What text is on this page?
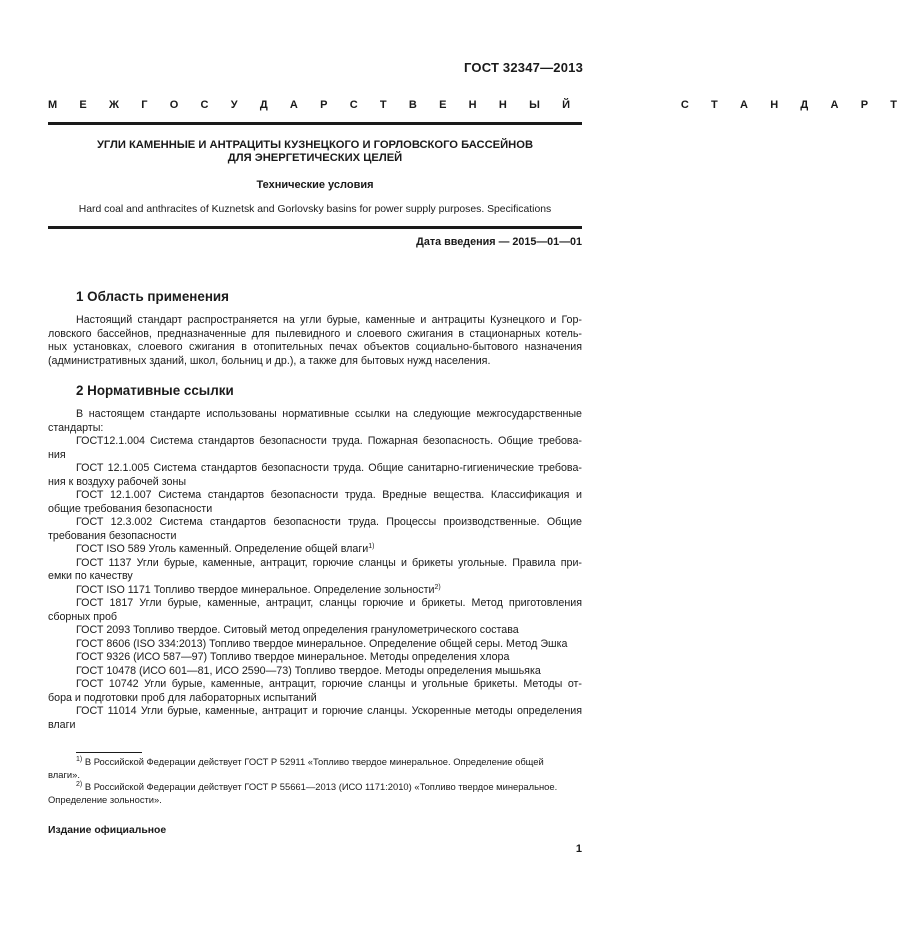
ГОСТ 32347—2013
М Е Ж Г О С У Д А Р С Т В Е Н Н Ы Й        С Т А Н Д А Р Т
УГЛИ КАМЕННЫЕ И АНТРАЦИТЫ КУЗНЕЦКОГО И ГОРЛОВСКОГО БАССЕЙНОВ
ДЛЯ ЭНЕРГЕТИЧЕСКИХ ЦЕЛЕЙ
Технические условия
Hard coal and anthracites of Kuznetsk and Gorlovsky basins for power supply purposes. Specifications
Дата введения — 2015—01—01
1 Область применения
Настоящий стандарт распространяется на угли бурые, каменные и антрациты Кузнецкого и Гор-
ловского бассейнов, предназначенные для пылевидного и слоевого сжигания в стационарных котель-
ных установках, слоевого сжигания в отопительных печах объектов социально-бытового назначения
(административных зданий, школ, больниц и др.), а также для бытовых нужд населения.
2 Нормативные ссылки
В настоящем стандарте использованы нормативные ссылки на следующие межгосударственные
стандарты:
ГОСТ12.1.004 Система стандартов безопасности труда. Пожарная безопасность. Общие требова-
ния
ГОСТ 12.1.005 Система стандартов безопасности труда. Общие санитарно-гигиенические требова-
ния к воздуху рабочей зоны
ГОСТ 12.1.007 Система стандартов безопасности труда. Вредные вещества. Классификация и
общие требования безопасности
ГОСТ 12.3.002 Система стандартов безопасности труда. Процессы производственные. Общие
требования безопасности
ГОСТ ISO 589 Уголь каменный. Определение общей влаги$^{1)}$
ГОСТ 1137 Угли бурые, каменные, антрацит, горючие сланцы и брикеты угольные. Правила при-
емки по качеству
ГОСТ ISO 1171 Топливо твердое минеральное. Определение зольности$^{2)}$
ГОСТ 1817 Угли бурые, каменные, антрацит, сланцы горючие и брикеты. Метод приготовления
сборных проб
ГОСТ 2093 Топливо твердое. Ситовый метод определения гранулометрического состава
ГОСТ 8606 (ISO 334:2013) Топливо твердое минеральное. Определение общей серы. Метод Эшка
ГОСТ 9326 (ИСО 587—97) Топливо твердое минеральное. Методы определения хлора
ГОСТ 10478 (ИСО 601—81, ИСО 2590—73) Топливо твердое. Методы определения мышьяка
ГОСТ 10742 Угли бурые, каменные, антрацит, горючие сланцы и угольные брикеты. Методы от-
бора и подготовки проб для лабораторных испытаний
ГОСТ 11014 Угли бурые, каменные, антрацит и горючие сланцы. Ускоренные методы определения
влаги
$^{1)}$ В Российской Федерации действует ГОСТ Р 52911 «Топливо твердое минеральное. Определение общей
влаги».
$^{2)}$ В Российской Федерации действует ГОСТ Р 55661—2013 (ИСО 1171:2010) «Топливо твердое минеральное.
Определение зольности».
Издание официальное
1
